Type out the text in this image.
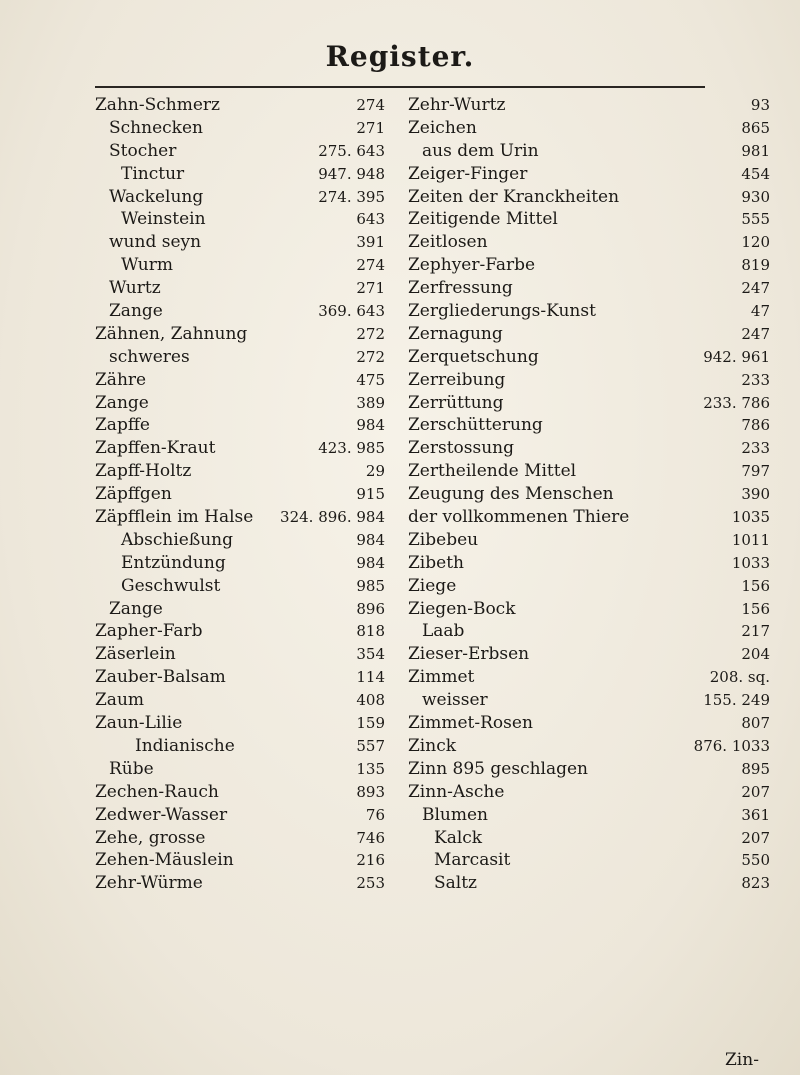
Register.
Zahn-Schmerz	274
Schnecken	271
Stocher	275. 643
Tinctur	947. 948
Wackelung	274. 395
Weinstein	643
wund seyn	391
Wurm	274
Wurtz	271
Zange	369. 643
Zähnen, Zahnung	272
schweres	272
Zähre	475
Zange	389
Zapffe	984
Zapffen-Kraut	423. 985
Zapff-Holtz	29
Zäpffgen	915
Zäpfflein im Halse 324. 896. 984
Abschießung	984
Entzündung	984
Geschwulst	985
Zange	896
Zapher-Farb	818
Zäserlein	354
Zauber-Balsam	114
Zaum	408
Zaun-Lilie	159
Indianische	557
Rübe	135
Zechen-Rauch	893
Zedwer-Wasser	76
Zehe, grosse	746
Zehen-Mäuslein	216
Zehr-Würme	253
Zehr-Wurtz	93
Zeichen	865
aus dem Urin	981
Zeiger-Finger	454
Zeiten der Kranckheiten	930
Zeitigende Mittel	555
Zeitlosen	120
Zephyer-Farbe	819
Zerfressung	247
Zergliederungs-Kunst	47
Zernagung	247
Zerquetschung	942. 961
Zerreibung	233
Zerrüttung	233. 786
Zerschütterung	786
Zerstossung	233
Zertheilende Mittel	797
Zeugung des Menschen	390
der vollkommenen Thiere	1035
Zibebeu	1011
Zibeth	1033
Ziege	156
Ziegen-Bock	156
Laab	217
Zieser-Erbsen	204
Zimmet	208. sq.
weisser	155. 249
Zimmet-Rosen	807
Zinck	876. 1033
Zinn 895 geschlagen	895
Zinn-Asche	207
Blumen	361
Kalck	207
Marcasit	550
Saltz	823
Zin-
